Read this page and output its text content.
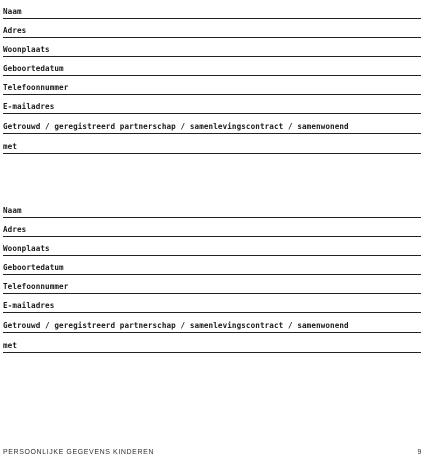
Naam
Adres
Woonplaats
Geboortedatum
Telefoonnummer
E-mailadres
Getrouwd / geregistreerd partnerschap / samenlevingscontract / samenwonend
met
Naam
Adres
Woonplaats
Geboortedatum
Telefoonnummer
E-mailadres
Getrouwd / geregistreerd partnerschap / samenlevingscontract / samenwonend
met
PERSOONLIJKE GEGEVENS KINDEREN	9
